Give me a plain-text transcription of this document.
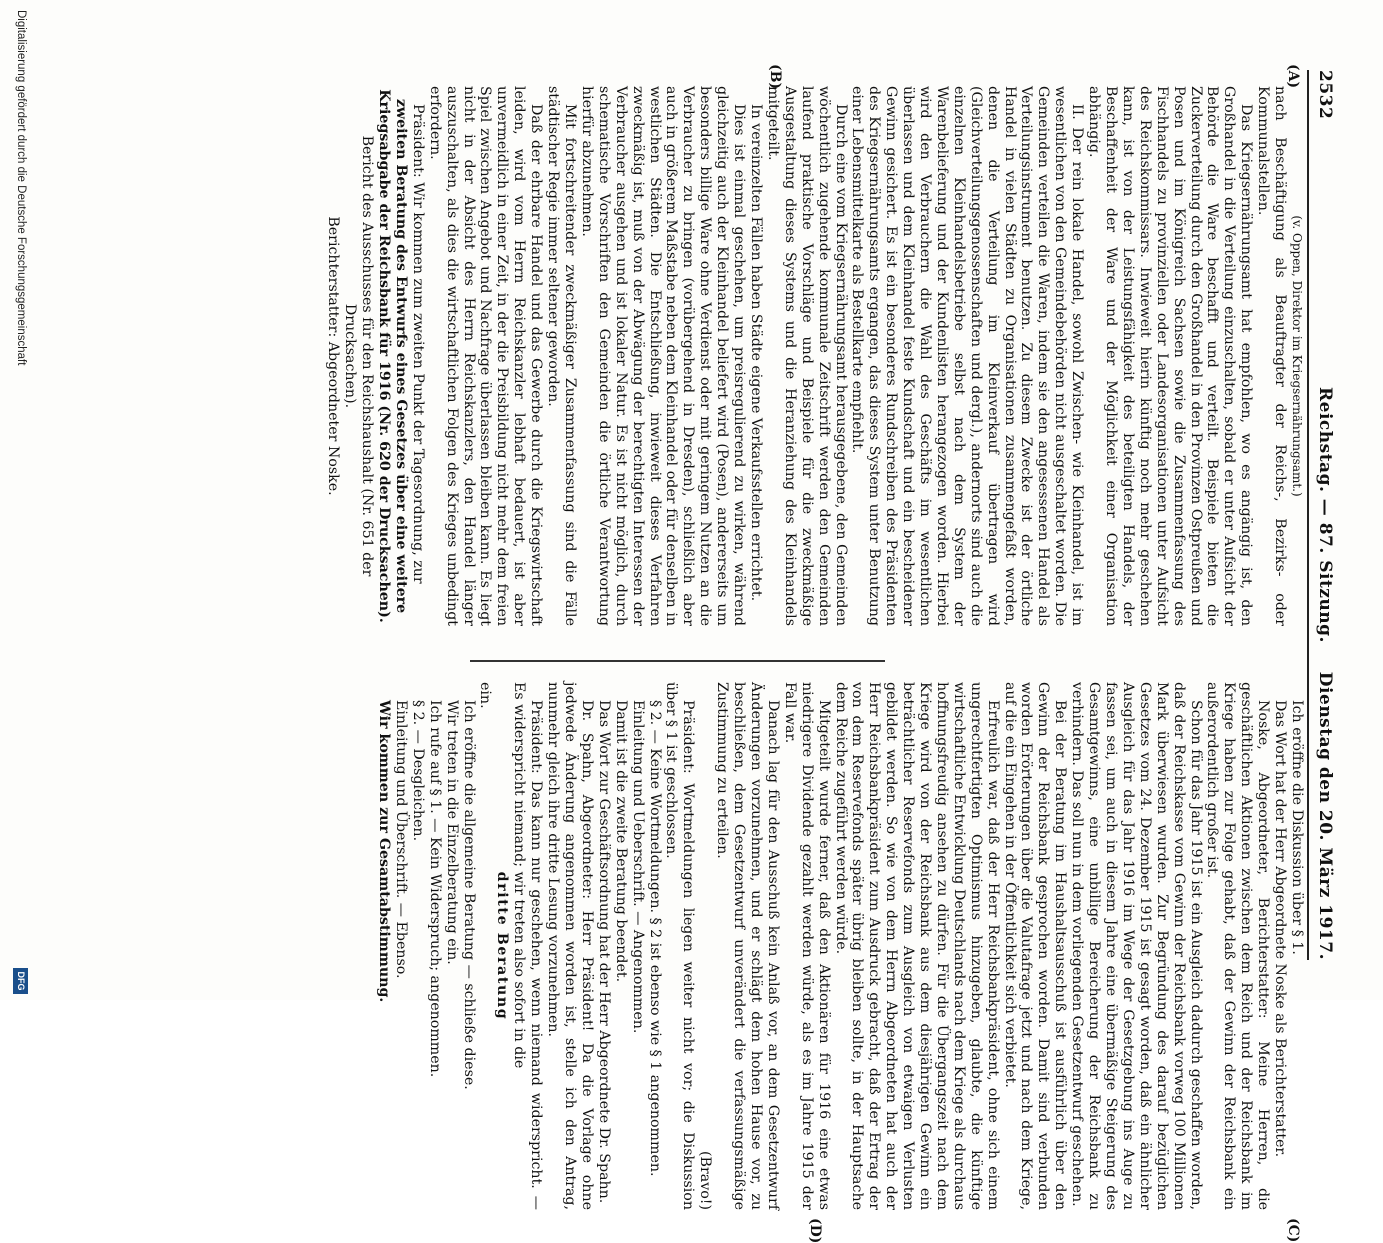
2532
Reichstag. — 87. Sitzung.
Dienstag den 20. März 1917.
(A)
(B)
(C)
(D)

(v. Oppen, Direktor im Kriegsernährungsamt.)

nach Beschäftigung als Beauftragter der Reichs-, Bezirks- oder Kommunalstellen.

Das Kriegsernährungsamt hat empfohlen, wo es angängig ist, den Großhandel in die Verteilung einzuschalten, sobald er unter Aufsicht der Behörde die Ware beschafft und verteilt. Beispiele bieten die Zuckerverteilung durch den Großhandel in den Provinzen Ostpreußen und Posen und im Königreich Sachsen sowie die Zusammenfassung des Fischhandels zu provinziellen oder Landesorganisationen unter Aufsicht des Reichskommissars. Inwieweit hierin künftig noch mehr geschehen kann, ist von der Leistungsfähigkeit des beteiligten Handels, der Beschaffenheit der Ware und der Möglichkeit einer Organisation abhängig.

II. Der rein lokale Handel, sowohl Zwischen- wie Kleinhandel, ist im wesentlichen von den Gemeindebehörden nicht ausgeschaltet worden. Die Gemeinden verteilen die Waren, indem sie den angesessenen Handel als Verteilungsinstrument benutzen. Zu diesem Zwecke ist der örtliche Handel in vielen Städten zu Organisationen zusammengefaßt worden, denen die Verteilung im Kleinverkauf übertragen wird (Gleichverteilungsgenossenschaften und dergl.), andernorts sind auch die einzelnen Kleinhandelsbetriebe selbst nach dem System der Warenbelieferung und der Kundenlisten herangezogen worden. Hierbei wird den Verbrauchern die Wahl des Geschäfts im wesentlichen überlassen und dem Kleinhandel feste Kundschaft und ein bescheidener Gewinn gesichert. Es ist ein besonderes Rundschreiben des Präsidenten des Kriegsernährungsamts ergangen, das dieses System unter Benutzung einer Lebensmittelkarte als Bestellkarte empfiehlt.

Durch eine vom Kriegsernährungsamt herausgegebene, den Gemeinden wöchentlich zugehende kommunale Zeitschrift werden den Gemeinden laufend praktische Vorschläge und Beispiele für die zweckmäßige Ausgestaltung dieses Systems und die Heranziehung des Kleinhandels mitgeteilt.

In vereinzelten Fällen haben Städte eigene Verkaufsstellen errichtet.

Dies ist einmal geschehen, um preisregulierend zu wirken, während gleichzeitig auch der Kleinhandel beliefert wird (Posen), andererseits um besonders billige Ware ohne Verdienst oder mit geringem Nutzen an die Verbraucher zu bringen (vorübergehend in Dresden), schließlich aber auch in größerem Maßstabe neben dem Kleinhandel oder für denselben in westlichen Städten. Die Entschließung, inwieweit dieses Verfahren zweckmäßig ist, muß von der Abwägung der berechtigten Interessen der Verbraucher ausgehen und ist lokaler Natur. Es ist nicht möglich, durch schematische Vorschriften den Gemeinden die örtliche Verantwortung hierfür abzunehmen.

Mit fortschreitender zweckmäßiger Zusammenfassung sind die Fälle städtischer Regie immer seltener geworden.

Daß der ehrbare Handel und das Gewerbe durch die Kriegswirtschaft leiden, wird vom Herrn Reichskanzler lebhaft bedauert, ist aber unvermeidlich in einer Zeit, in der die Preisbildung nicht mehr dem freien Spiel zwischen Angebot und Nachfrage überlassen bleiben kann. Es liegt nicht in der Absicht des Herrn Reichskanzlers, den Handel länger auszuschalten, als dies die wirtschaftlichen Folgen des Krieges unbedingt erfordern.

Präsident: Wir kommen zum zweiten Punkt der Tagesordnung, zur

zweiten Beratung des Entwurfs eines Gesetzes über eine weitere Kriegsabgabe der Reichsbank für 1916 (Nr. 620 der Drucksachen).

Bericht des Ausschusses für den Reichshaushalt (Nr. 651 der Drucksachen).

Berichterstatter: Abgeordneter Noske.

Ich eröffne die Diskussion über § 1.

Das Wort hat der Herr Abgeordnete Noske als Berichterstatter.

Noske, Abgeordneter, Berichterstatter: Meine Herren, die geschäftlichen Aktionen zwischen dem Reich und der Reichsbank im Kriege haben zur Folge gehabt, daß der Gewinn der Reichsbank ein außerordentlich großer ist.

Schon für das Jahr 1915 ist ein Ausgleich dadurch geschaffen worden, daß der Reichskasse vom Gewinn der Reichsbank vorweg 100 Millionen Mark überwiesen wurden. Zur Begründung des darauf bezüglichen Gesetzes vom 24. Dezember 1915 ist gesagt worden, daß ein ähnlicher Ausgleich für das Jahr 1916 im Wege der Gesetzgebung ins Auge zu fassen sei, um auch in diesem Jahre eine übermäßige Steigerung des Gesamtgewinns, eine unbillige Bereicherung der Reichsbank zu verhindern. Das soll nun in dem vorliegenden Gesetzentwurf geschehen.

Bei der Beratung im Haushaltsausschuß ist ausführlich über den Gewinn der Reichsbank gesprochen worden. Damit sind verbunden worden Erörterungen über die Valutafrage jetzt und nach dem Kriege, auf die ein Eingehen in der Öffentlichkeit sich verbietet.

Erfreulich war, daß der Herr Reichsbankpräsident, ohne sich einem ungerechtfertigten Optimismus hinzugeben, glaubte, die künftige wirtschaftliche Entwicklung Deutschlands nach dem Kriege als durchaus hoffnungsfreudig ansehen zu dürfen. Für die Übergangszeit nach dem Kriege wird von der Reichsbank aus dem diesjährigen Gewinn ein beträchtlicher Reservefonds zum Ausgleich von etwaigen Verlusten gebildet werden. So wie von dem Herrn Abgeordneten hat auch der Herr Reichsbankpräsident zum Ausdruck gebracht, daß der Ertrag der von dem Reservefonds später übrig bleiben sollte, in der Hauptsache dem Reiche zugeführt werden würde.

Mitgeteilt wurde ferner, daß den Aktionären für 1916 eine etwas niedrigere Dividende gezahlt werden würde, als es im Jahre 1915 der Fall war.

Danach lag für den Ausschuß kein Anlaß vor, an dem Gesetzentwurf Änderungen vorzunehmen, und er schlägt dem hohen Hause vor, zu beschließen, dem Gesetzentwurf unverändert die verfassungsmäßige Zustimmung zu erteilen.

(Bravo!)

Präsident: Wortmeldungen liegen weiter nicht vor; die Diskussion über § 1 ist geschlossen.

§ 2. — Keine Wortmeldungen. § 2 ist ebenso wie § 1 angenommen.

Einleitung und Ueberschrift. — Angenommen.

Damit ist die zweite Beratung beendet.

Das Wort zur Geschäftsordnung hat der Herr Abgeordnete Dr. Spahn.

Dr. Spahn, Abgeordneter: Herr Präsident! Da die Vorlage ohne jedwede Änderung angenommen worden ist, stelle ich den Antrag, nunmehr gleich ihre dritte Lesung vorzunehmen.

Präsident: Das kann nur geschehen, wenn niemand widerspricht. — Es widerspricht niemand; wir treten also sofort in die

dritte Beratung

ein.

Ich eröffne die allgemeine Beratung — schließe diese.

Wir treten in die Einzelberatung ein.

Ich rufe auf § 1. — Kein Widerspruch; angenommen.

§ 2. — Desgleichen.

Einleitung und Überschrift. — Ebenso.

Wir kommen zur Gesamtabstimmung.

Digitalisierung gefördert durch die Deutsche Forschungsgemeinschaft
DFG
